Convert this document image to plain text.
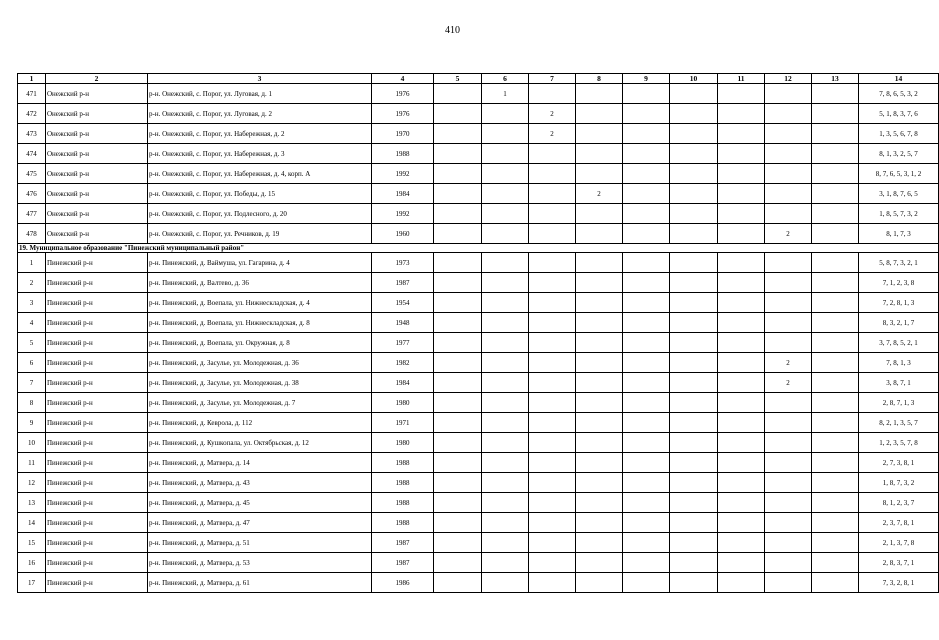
410
1	2	3	4	5	6	7	8	9	10	11	12	13	14
471	Онежский р-н	р-н. Онежский, с. Порог, ул. Луговая, д. 1	1976		1								7, 8, 6, 5, 3, 2
472	Онежский р-н	р-н. Онежский, с. Порог, ул. Луговая, д. 2	1976			2							5, 1, 8, 3, 7, 6
473	Онежский р-н	р-н. Онежский, с. Порог, ул. Набережная, д. 2	1970			2							1, 3, 5, 6, 7, 8
474	Онежский р-н	р-н. Онежский, с. Порог, ул. Набережная, д. 3	1988										8, 1, 3, 2, 5, 7
475	Онежский р-н	р-н. Онежский, с. Порог, ул. Набережная, д. 4, корп. А	1992										8, 7, 6, 5, 3, 1, 2
476	Онежский р-н	р-н. Онежский, с. Порог, ул. Победы, д. 15	1984				2						3, 1, 8, 7, 6, 5
477	Онежский р-н	р-н. Онежский, с. Порог, ул. Подлесного, д. 20	1992										1, 8, 5, 7, 3, 2
478	Онежский р-н	р-н. Онежский, с. Порог, ул. Речников, д. 19	1960								2		8, 1, 7, 3
19. Муниципальное образование "Пинежский муниципальный район"													
1	Пинежский р-н	р-н. Пинежский, д. Ваймуша, ул. Гагарина, д. 4	1973										5, 8, 7, 3, 2, 1
2	Пинежский р-н	р-н. Пинежский, д. Валтево, д. 36	1987										7, 1, 2, 3, 8
3	Пинежский р-н	р-н. Пинежский, д. Воепала, ул. Нижнескладская, д. 4	1954										7, 2, 8, 1, 3
4	Пинежский р-н	р-н. Пинежский, д. Воепала, ул. Нижнескладская, д. 8	1948										8, 3, 2, 1, 7
5	Пинежский р-н	р-н. Пинежский, д. Воепала, ул. Окружная, д. 8	1977										3, 7, 8, 5, 2, 1
6	Пинежский р-н	р-н. Пинежский, д. Засулье, ул. Молодежная, д. 36	1982								2		7, 8, 1, 3
7	Пинежский р-н	р-н. Пинежский, д. Засулье, ул. Молодежная, д. 38	1984								2		3, 8, 7, 1
8	Пинежский р-н	р-н. Пинежский, д. Засулье, ул. Молодежная, д. 7	1980										2, 8, 7, 1, 3
9	Пинежский р-н	р-н. Пинежский, д. Кеврола, д. 112	1971										8, 2, 1, 3, 5, 7
10	Пинежский р-н	р-н. Пинежский, д. Кушкопала, ул. Октябрьская, д. 12	1980										1, 2, 3, 5, 7, 8
11	Пинежский р-н	р-н. Пинежский, д. Матвера, д. 14	1988										2, 7, 3, 8, 1
12	Пинежский р-н	р-н. Пинежский, д. Матвера, д. 43	1988										1, 8, 7, 3, 2
13	Пинежский р-н	р-н. Пинежский, д. Матвера, д. 45	1988										8, 1, 2, 3, 7
14	Пинежский р-н	р-н. Пинежский, д. Матвера, д. 47	1988										2, 3, 7, 8, 1
15	Пинежский р-н	р-н. Пинежский, д. Матвера, д. 51	1987										2, 1, 3, 7, 8
16	Пинежский р-н	р-н. Пинежский, д. Матвера, д. 53	1987										2, 8, 3, 7, 1
17	Пинежский р-н	р-н. Пинежский, д. Матвера, д. 61	1986										7, 3, 2, 8, 1
